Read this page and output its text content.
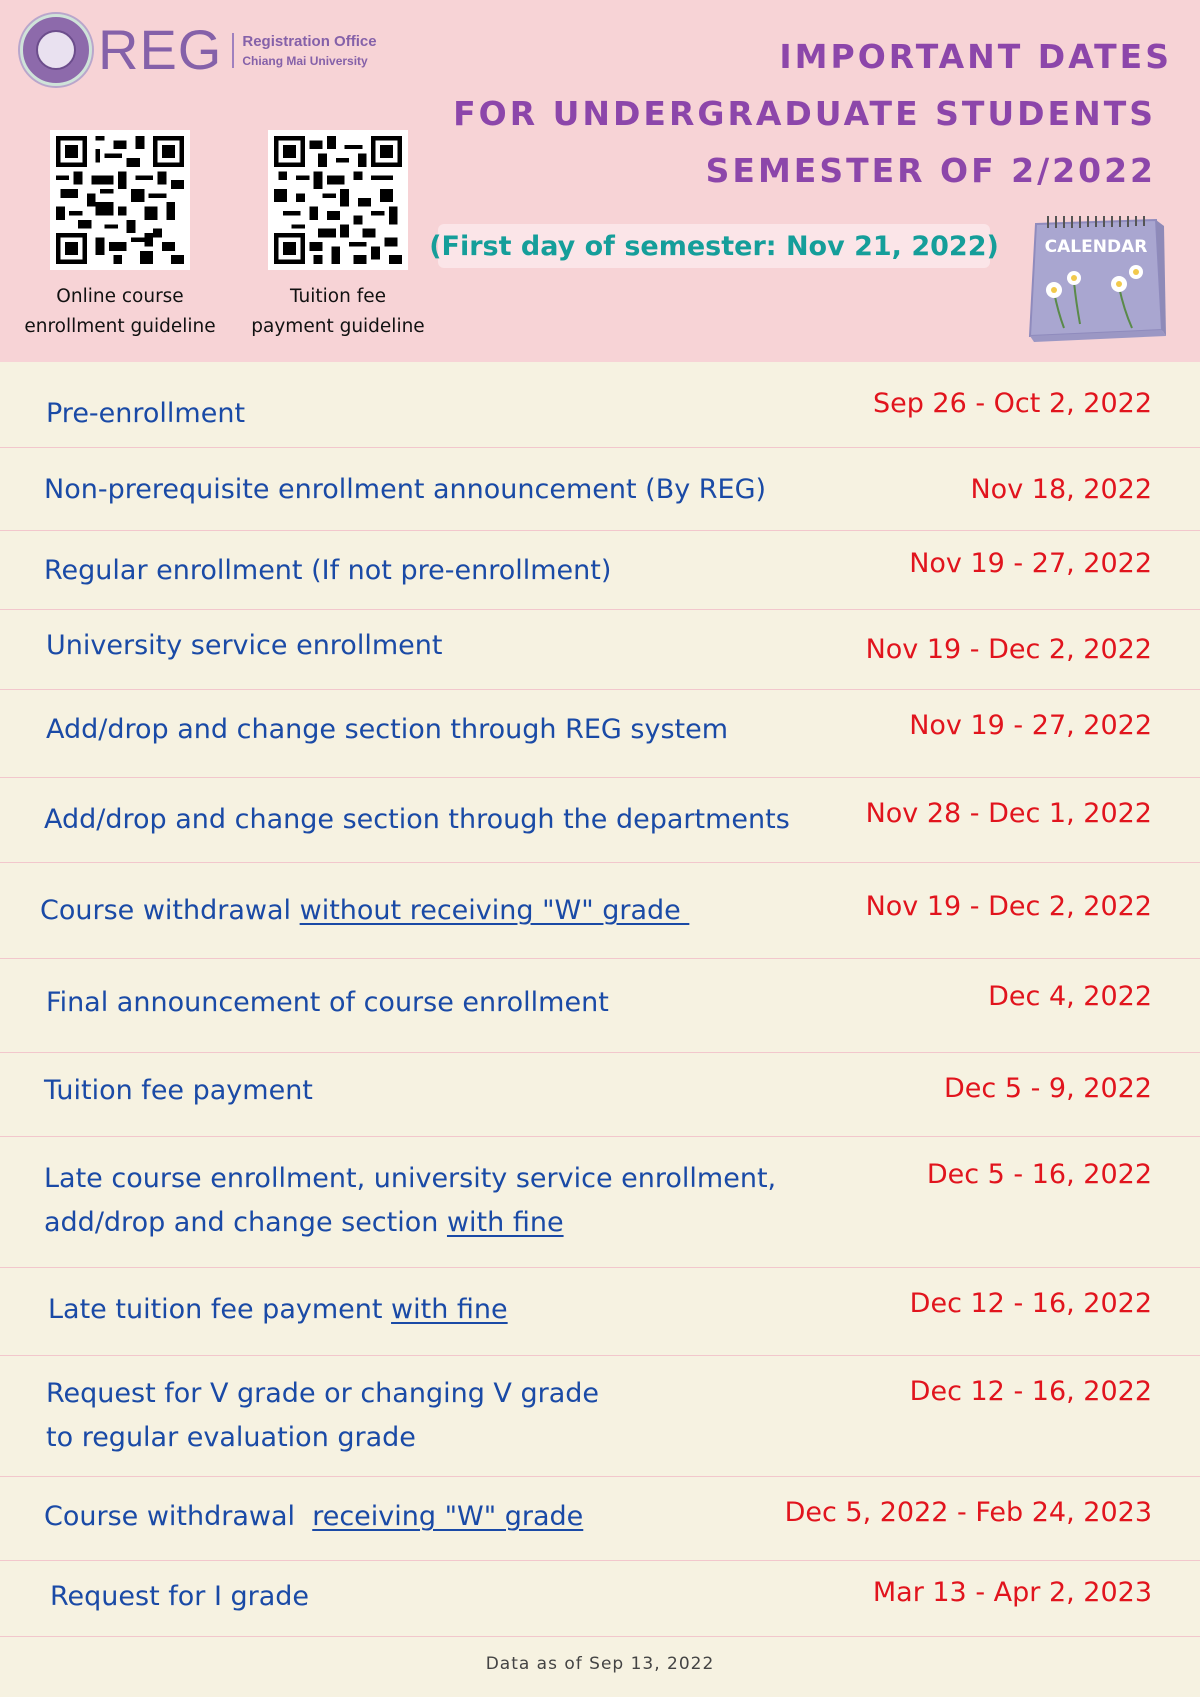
REG Registration Office
Chiang Mai University	IMPORTANT DATES
FOR UNDERGRADUATE STUDENTS
SEMESTER OF 2/2022
Online course
enrollment guideline
Tuition fee
payment guideline
(First day of semester: Nov 21, 2022)	CALENDAR
Pre-enrollment	Sep 26 - Oct 2, 2022
Non-prerequisite enrollment announcement (By REG)	Nov 18, 2022
Regular enrollment (If not pre-enrollment)	Nov 19 - 27, 2022
University service enrollment	Nov 19 - Dec 2, 2022
Add/drop and change section through REG system	Nov 19 - 27, 2022
Add/drop and change section through the departments	Nov 28 - Dec 1, 2022
Course withdrawal without receiving "W" grade	Nov 19 - Dec 2, 2022
Final announcement of course enrollment	Dec 4, 2022
Tuition fee payment	Dec 5 - 9, 2022
Late course enrollment, university service enrollment,
add/drop and change section with fine
Dec 5 - 16, 2022
Late tuition fee payment with fine	Dec 12 - 16, 2022
Request for V grade or changing V grade
to regular evaluation grade
Dec 12 - 16, 2022
Course withdrawal  receiving "W" grade	Dec 5, 2022 - Feb 24, 2023
Request for I grade	Mar 13 - Apr 2, 2023
Data as of Sep 13, 2022
